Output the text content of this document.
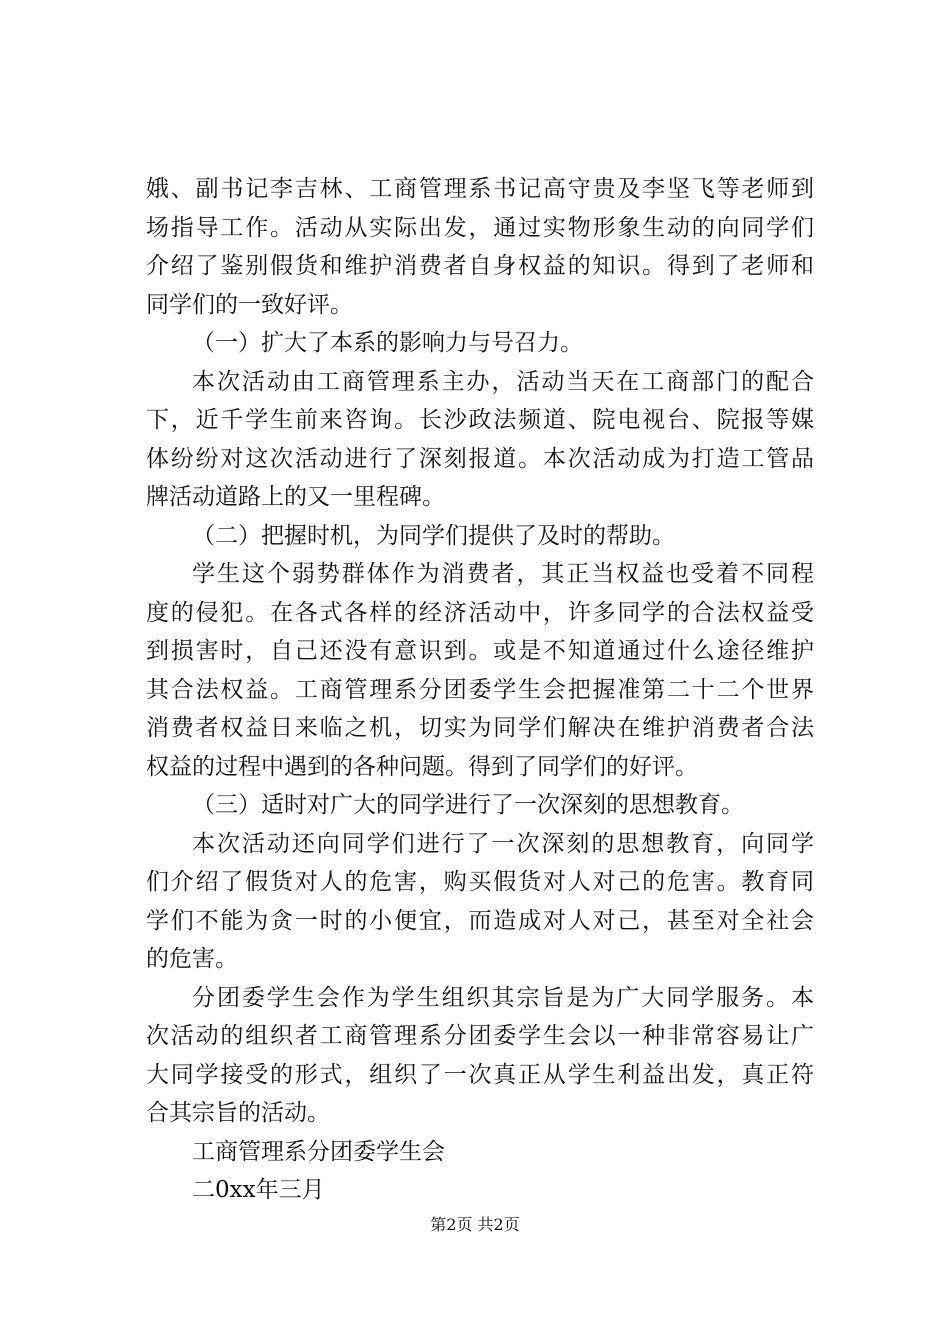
娥、副书记李吉林、工商管理系书记高守贵及李坚飞等老师到
场指导工作。活动从实际出发，通过实物形象生动的向同学们
介绍了鉴别假货和维护消费者自身权益的知识。得到了老师和
同学们的一致好评。
（一）扩大了本系的影响力与号召力。
本次活动由工商管理系主办，活动当天在工商部门的配合
下，近千学生前来咨询。长沙政法频道、院电视台、院报等媒
体纷纷对这次活动进行了深刻报道。本次活动成为打造工管品
牌活动道路上的又一里程碑。
（二）把握时机，为同学们提供了及时的帮助。
学生这个弱势群体作为消费者，其正当权益也受着不同程
度的侵犯。在各式各样的经济活动中，许多同学的合法权益受
到损害时，自己还没有意识到。或是不知道通过什么途径维护
其合法权益。工商管理系分团委学生会把握准第二十二个世界
消费者权益日来临之机，切实为同学们解决在维护消费者合法
权益的过程中遇到的各种问题。得到了同学们的好评。
（三）适时对广大的同学进行了一次深刻的思想教育。
本次活动还向同学们进行了一次深刻的思想教育，向同学
们介绍了假货对人的危害，购买假货对人对己的危害。教育同
学们不能为贪一时的小便宜，而造成对人对己，甚至对全社会
的危害。
分团委学生会作为学生组织其宗旨是为广大同学服务。本
次活动的组织者工商管理系分团委学生会以一种非常容易让广
大同学接受的形式，组织了一次真正从学生利益出发，真正符
合其宗旨的活动。
工商管理系分团委学生会
二0xx年三月
第2页 共2页
